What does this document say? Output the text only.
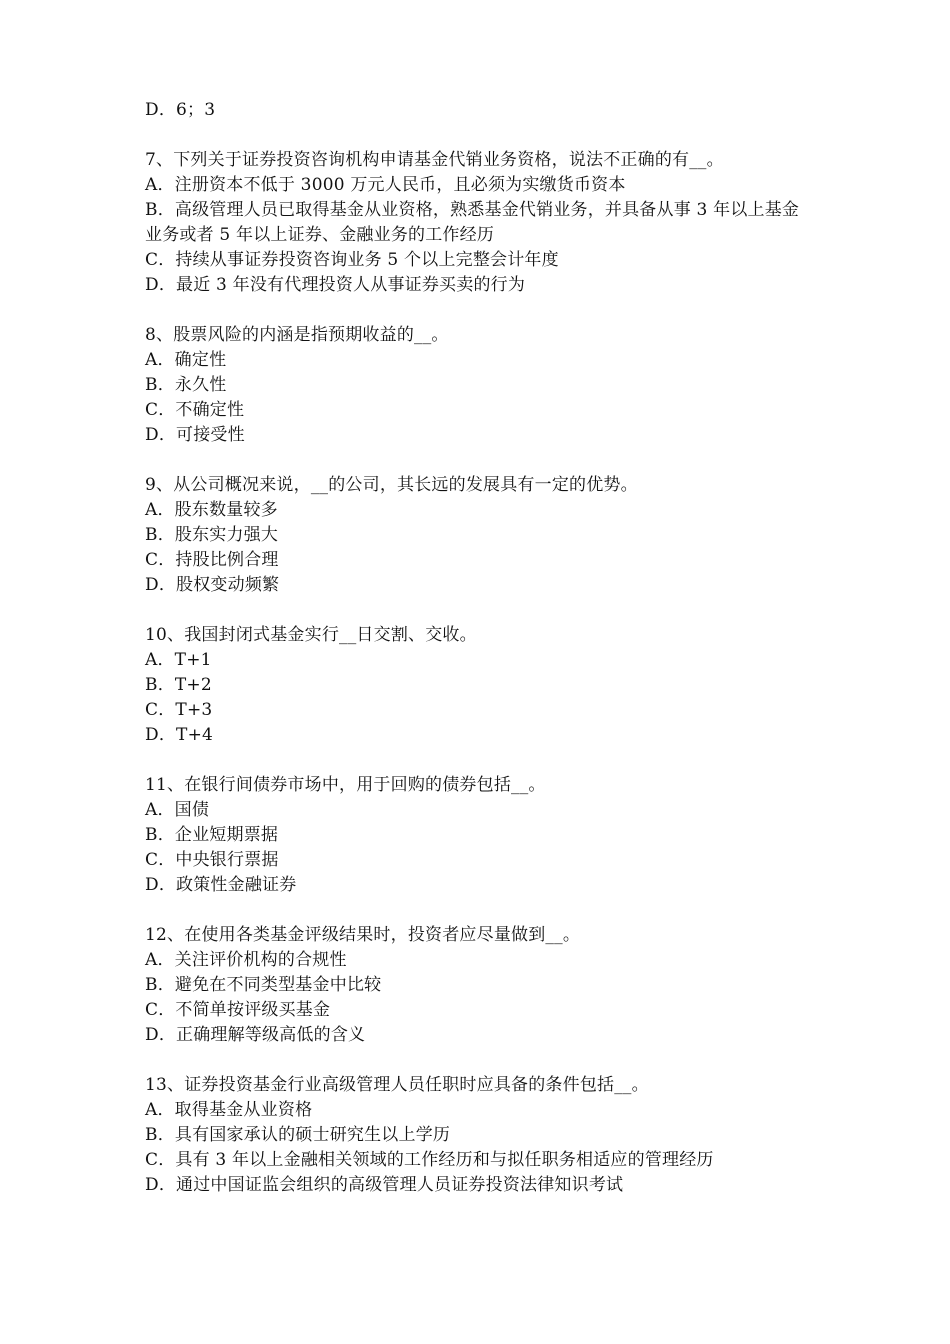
D．6；3
7、下列关于证券投资咨询机构申请基金代销业务资格，说法不正确的有__。
A．注册资本不低于 3000 万元人民币，且必须为实缴货币资本
B．高级管理人员已取得基金从业资格，熟悉基金代销业务，并具备从事 3 年以上基金业务或者 5 年以上证券、金融业务的工作经历
C．持续从事证券投资咨询业务 5 个以上完整会计年度
D．最近 3 年没有代理投资人从事证券买卖的行为
8、股票风险的内涵是指预期收益的__。
A．确定性
B．永久性
C．不确定性
D．可接受性
9、从公司概况来说，__的公司，其长远的发展具有一定的优势。
A．股东数量较多
B．股东实力强大
C．持股比例合理
D．股权变动频繁
10、我国封闭式基金实行__日交割、交收。
A．T+1
B．T+2
C．T+3
D．T+4
11、在银行间债券市场中，用于回购的债券包括__。
A．国债
B．企业短期票据
C．中央银行票据
D．政策性金融证券
12、在使用各类基金评级结果时，投资者应尽量做到__。
A．关注评价机构的合规性
B．避免在不同类型基金中比较
C．不简单按评级买基金
D．正确理解等级高低的含义
13、证券投资基金行业高级管理人员任职时应具备的条件包括__。
A．取得基金从业资格
B．具有国家承认的硕士研究生以上学历
C．具有 3 年以上金融相关领域的工作经历和与拟任职务相适应的管理经历
D．通过中国证监会组织的高级管理人员证券投资法律知识考试
